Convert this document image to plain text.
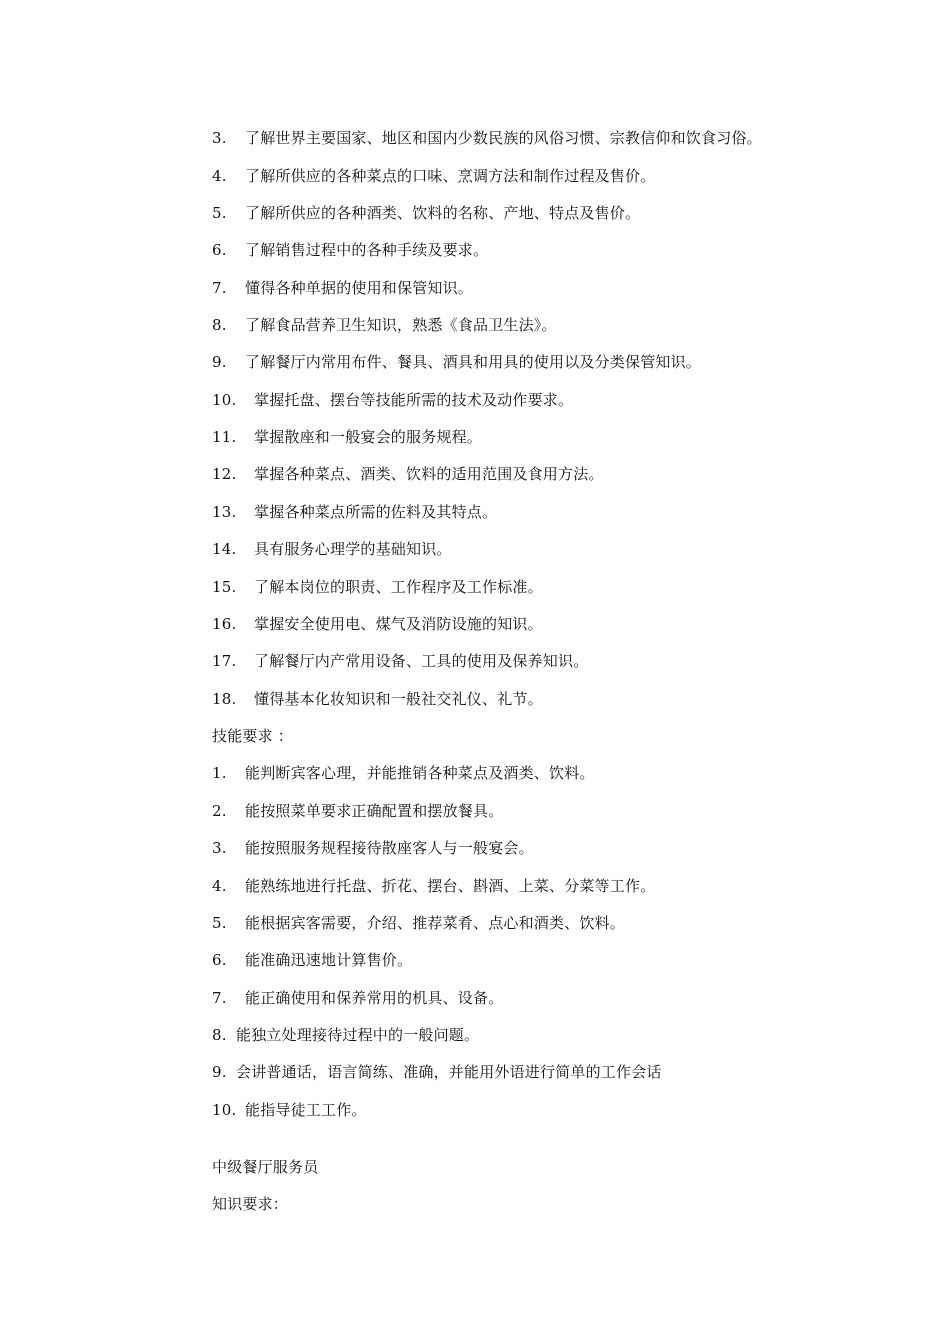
3. 了解世界主要国家、地区和国内少数民族的风俗习惯、宗教信仰和饮食习俗。
4. 了解所供应的各种菜点的口味、烹调方法和制作过程及售价。
5. 了解所供应的各种酒类、饮料的名称、产地、特点及售价。
6. 了解销售过程中的各种手续及要求。
7. 懂得各种单据的使用和保管知识。
8. 了解食品营养卫生知识，熟悉《食品卫生法》。
9. 了解餐厅内常用布件、餐具、酒具和用具的使用以及分类保管知识。
10. 掌握托盘、摆台等技能所需的技术及动作要求。
11. 掌握散座和一般宴会的服务规程。
12. 掌握各种菜点、酒类、饮料的适用范围及食用方法。
13. 掌握各种菜点所需的佐料及其特点。
14. 具有服务心理学的基础知识。
15. 了解本岗位的职责、工作程序及工作标准。
16. 掌握安全使用电、煤气及消防设施的知识。
17. 了解餐厅内产常用设备、工具的使用及保养知识。
18. 懂得基本化妆知识和一般社交礼仪、礼节。
技能要求 ：
1. 能判断宾客心理，并能推销各种菜点及酒类、饮料。
2. 能按照菜单要求正确配置和摆放餐具。
3. 能按照服务规程接待散座客人与一般宴会。
4. 能熟练地进行托盘、折花、摆台、斟酒、上菜、分菜等工作。
5. 能根据宾客需要，介绍、推荐菜肴、点心和酒类、饮料。
6. 能准确迅速地计算售价。
7. 能正确使用和保养常用的机具、设备。
8. 能独立处理接待过程中的一般问题。
9. 会讲普通话，语言简练、准确，并能用外语进行简单的工作会话
10. 能指导徒工工作。
中级餐厅服务员
知识要求：
